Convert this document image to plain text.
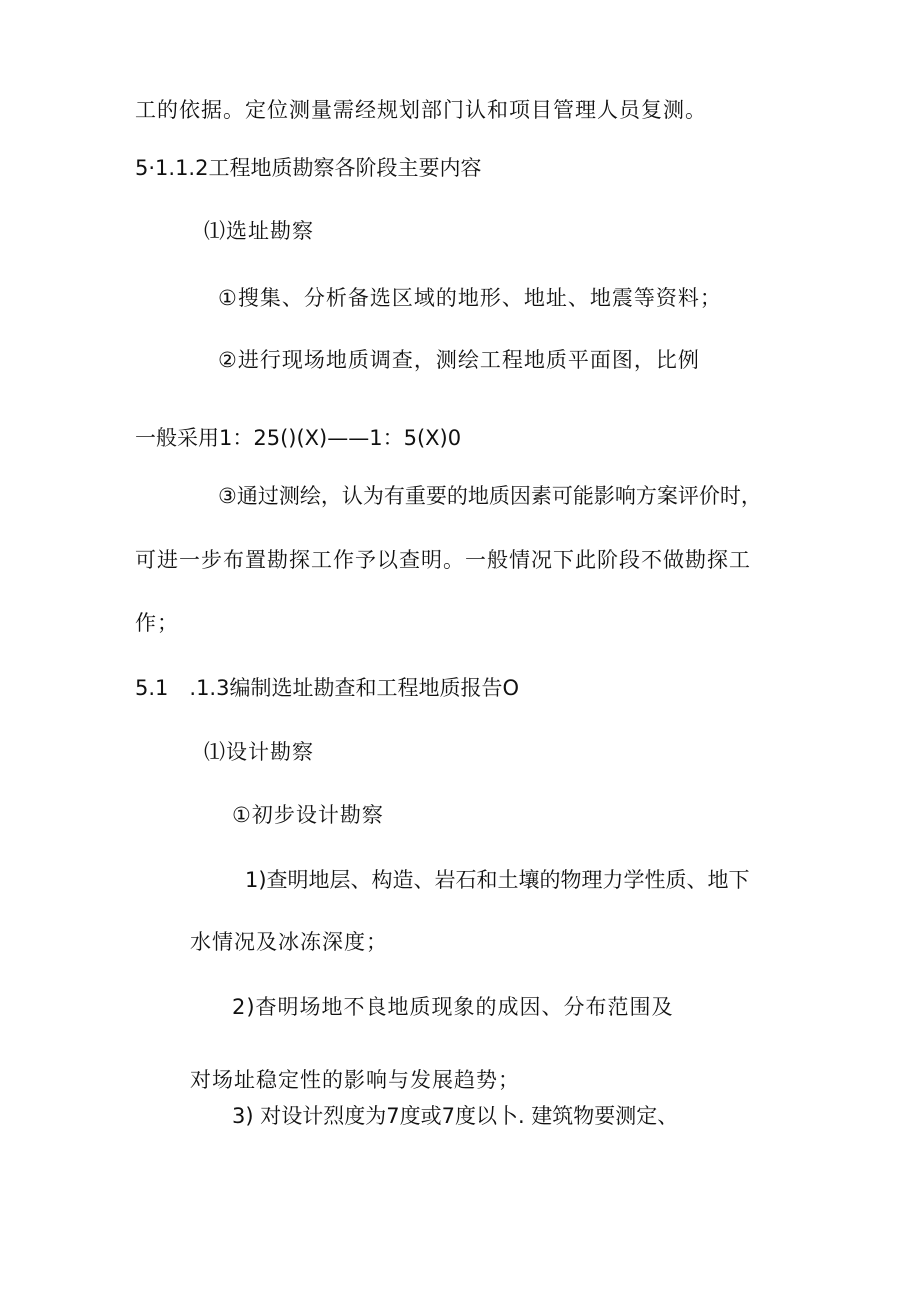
工的依据。定位测量需经规划部门认和项目管理人员复测。
5·1.1.2工程地质勘察各阶段主要内容
⑴选址勘察
①搜集、分析备选区域的地形、地址、地震等资料；
②进行现场地质调查，测绘工程地质平面图，比例
一般采用1：25()(X)——1：5(X)0
③通过测绘，认为有重要的地质因素可能影响方案评价时，
可进一步布置勘探工作予以查明。一般情况下此阶段不做勘探工
作；
5.1　.1.3编制选址勘查和工程地质报告O
⑴设计勘察
①初步设计勘察
1)查明地层、构造、岩石和土壤的物理力学性质、地下
水情况及冰冻深度；
2)杳明场地不良地质现象的成因、分布范围及
对场址稳定性的影响与发展趋势；
3) 对设计烈度为7度或7度以卜. 建筑物要测定、
